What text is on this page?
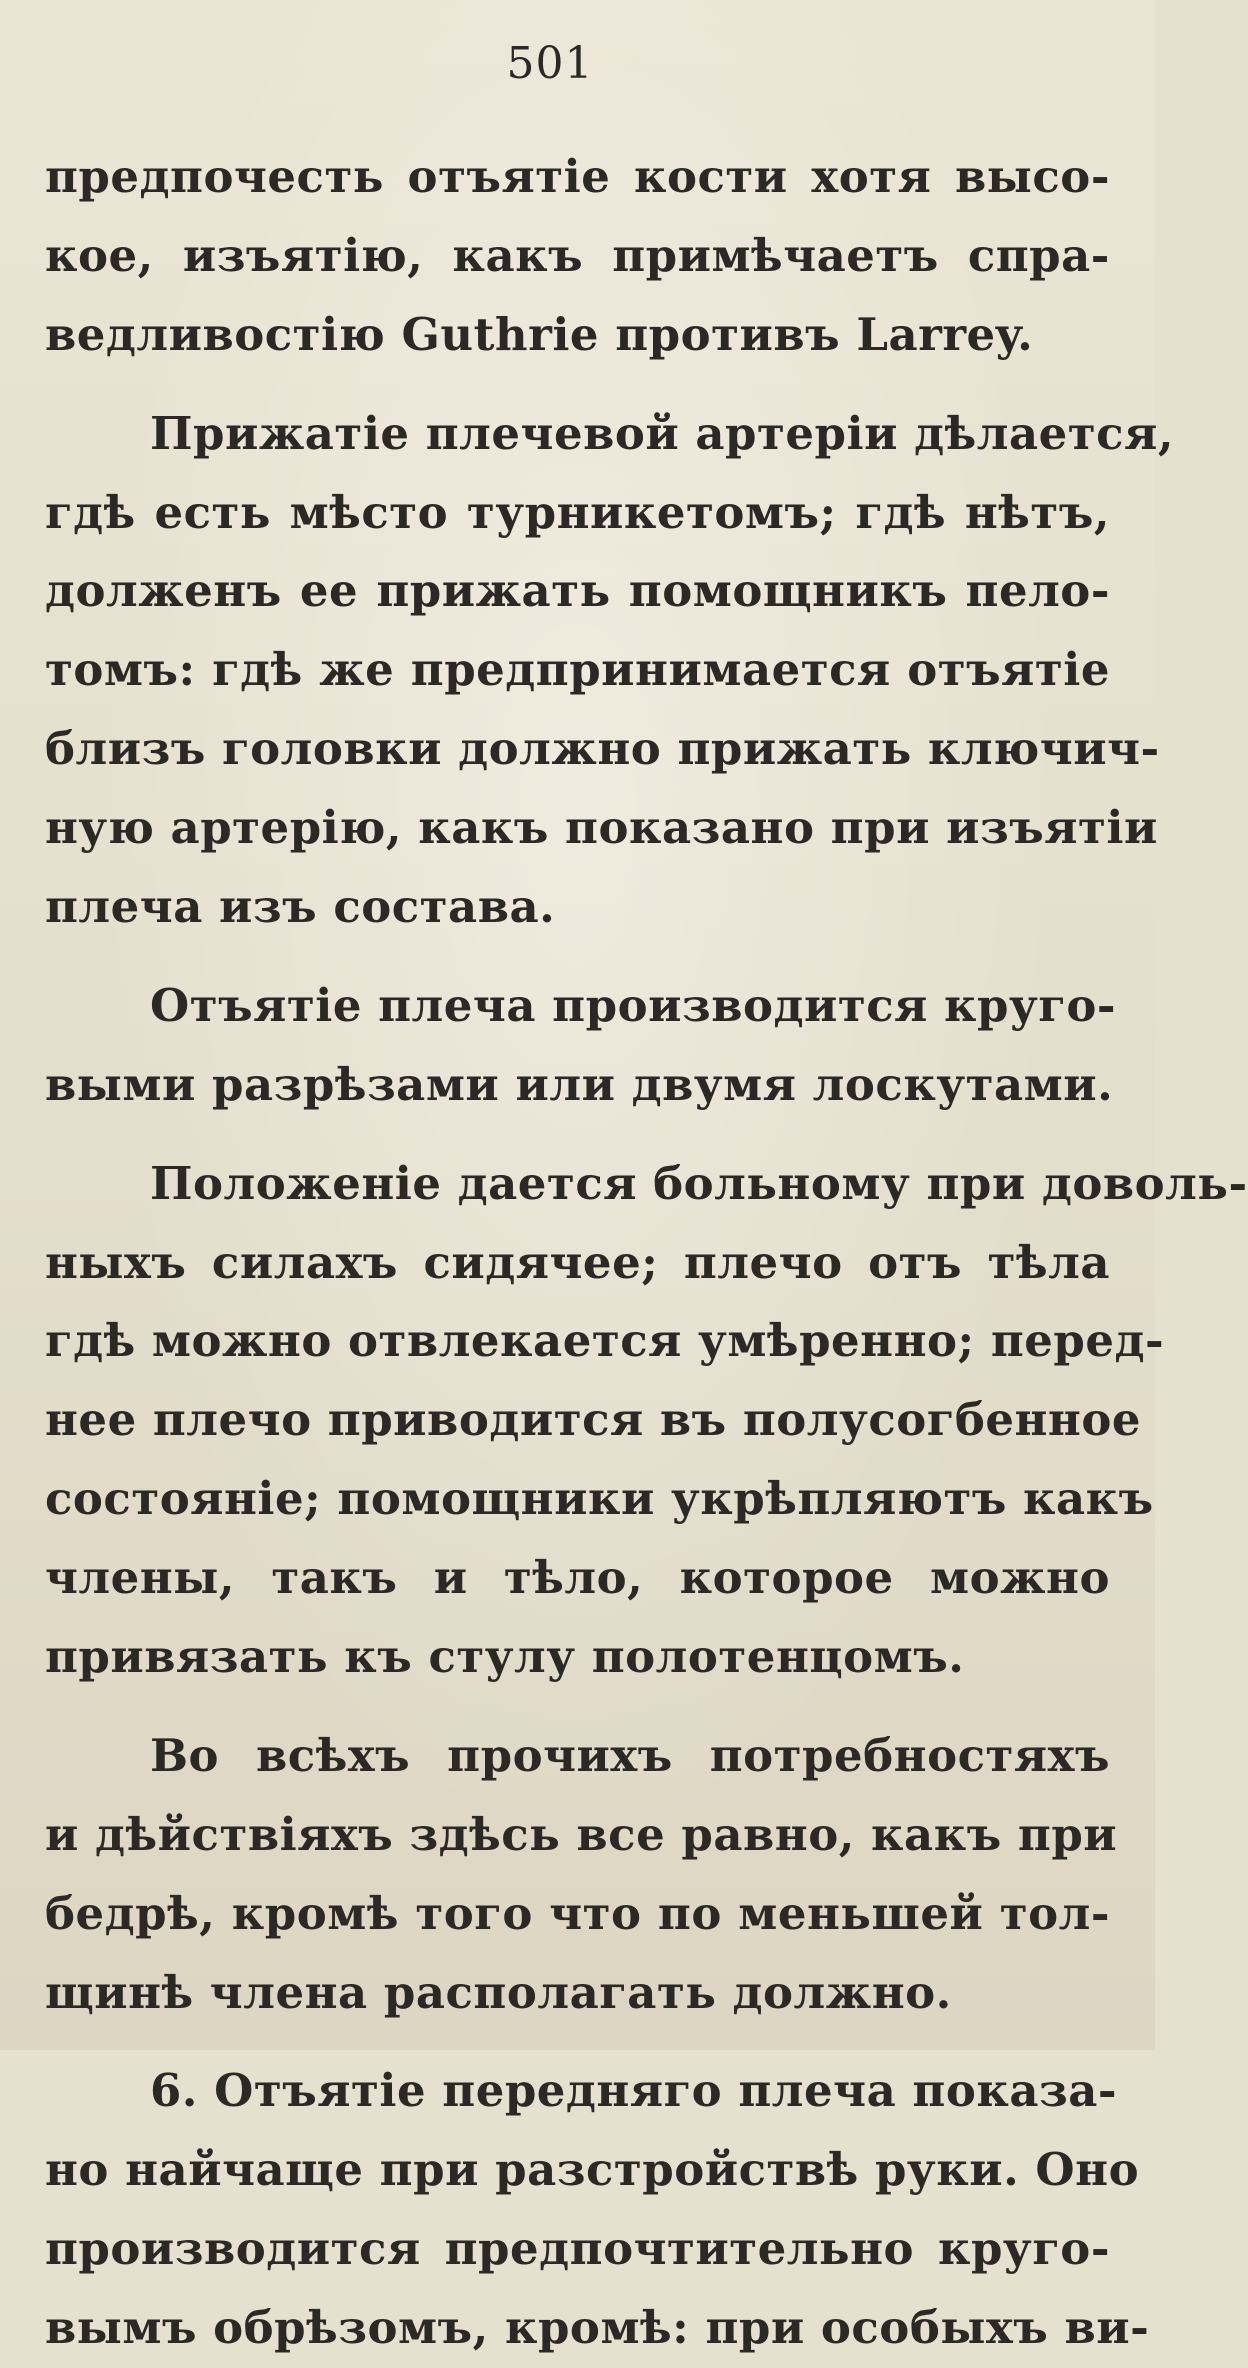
501
предпочесть отъятіе кости хотя высо-
кое, изъятію, какъ примѣчаетъ спра-
ведливостію Guthrie противъ Larrey.
Прижатіе плечевой артеріи дѣлается,
гдѣ есть мѣсто турникетомъ; гдѣ нѣтъ,
долженъ ее прижать помощникъ пело-
томъ: гдѣ же предпринимается отъятіе
близъ головки должно прижать ключич-
ную артерію, какъ показано при изъятіи
плеча изъ состава.
Отъятіе плеча производится круго-
выми разрѣзами или двумя лоскутами.
Положеніе дается больному при доволь-
ныхъ силахъ сидячее; плечо отъ тѣла
гдѣ можно отвлекается умѣренно; перед-
нее плечо приводится въ полусогбенное
состояніе; помощники укрѣпляютъ какъ
члены, такъ и тѣло, которое можно
привязать къ стулу полотенцомъ.
Во всѣхъ прочихъ потребностяхъ
и дѣйствіяхъ здѣсь все равно, какъ при
бедрѣ, кромѣ того что по меньшей тол-
щинѣ члена располагать должно.
6. Отъятіе передняго плеча показа-
но найчаще при разстройствѣ руки. Оно
производится предпочтительно круго-
вымъ обрѣзомъ, кромѣ: при особыхъ ви-
